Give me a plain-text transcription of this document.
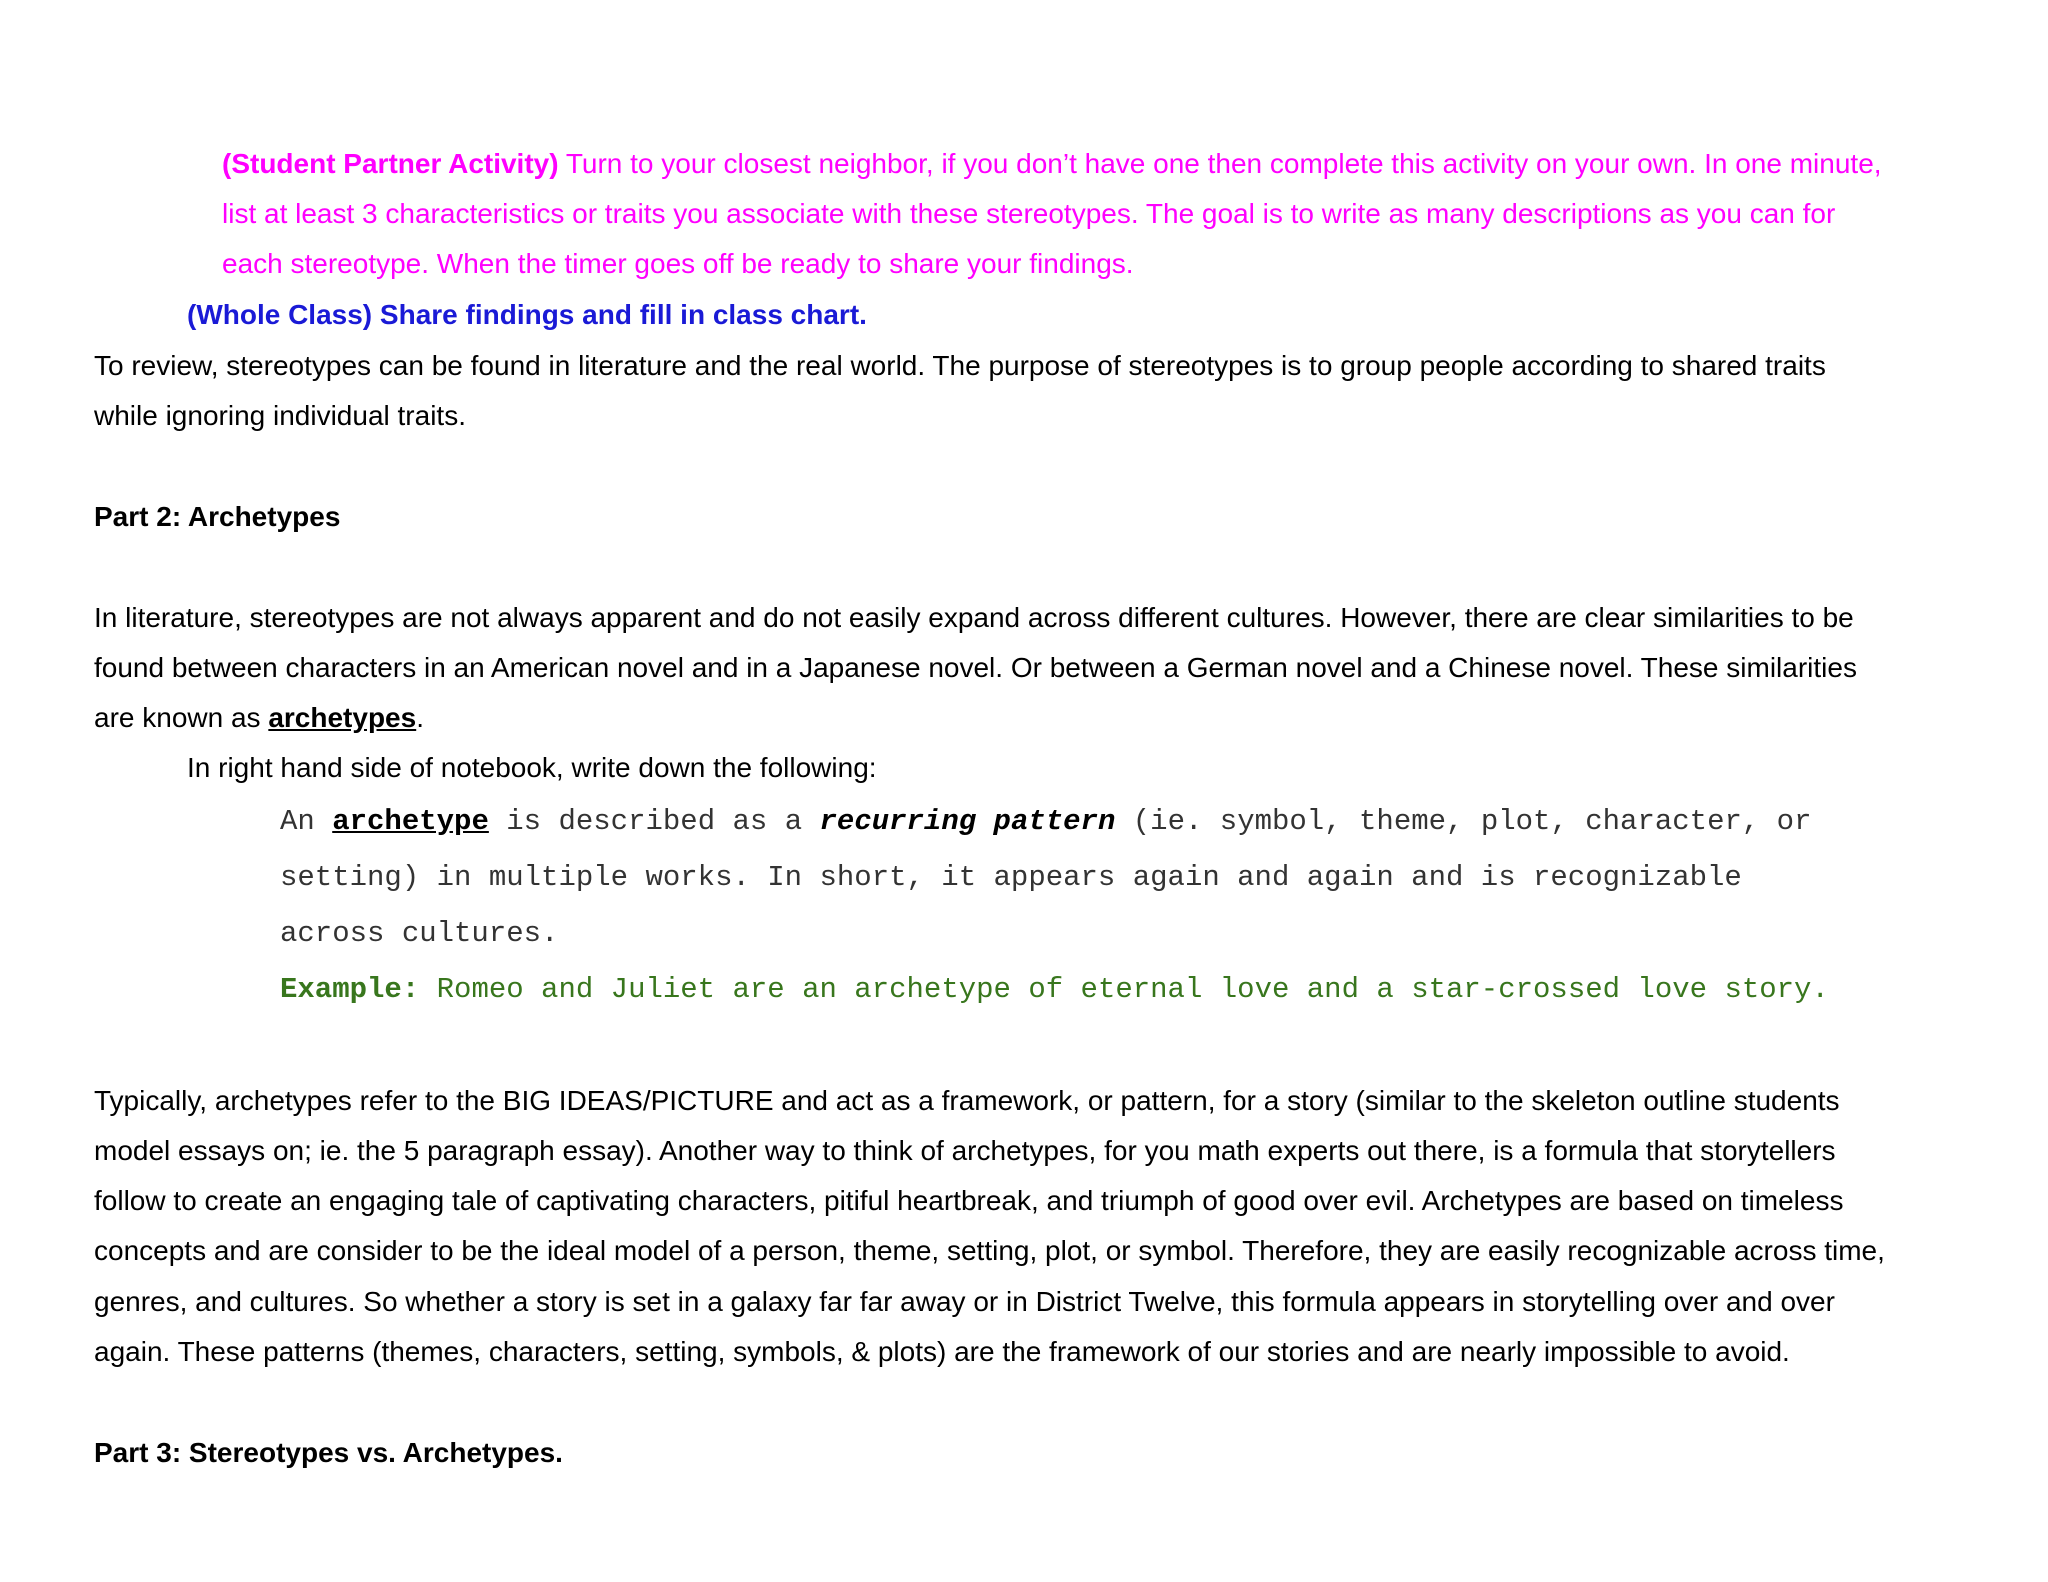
(Student Partner Activity) Turn to your closest neighbor, if you don’t have one then complete this activity on your own. In one minute,

list at least 3 characteristics or traits you associate with these stereotypes. The goal is to write as many descriptions as you can for

each stereotype. When the timer goes off be ready to share your findings.

(Whole Class) Share findings and fill in class chart.

To review, stereotypes can be found in literature and the real world. The purpose of stereotypes is to group people according to shared traits

while ignoring individual traits.

Part 2: Archetypes

In literature, stereotypes are not always apparent and do not easily expand across different cultures. However, there are clear similarities to be

found between characters in an American novel and in a Japanese novel. Or between a German novel and a Chinese novel. These similarities

are known as archetypes.

In right hand side of notebook, write down the following:

An archetype is described as a recurring pattern (ie. symbol, theme, plot, character, or

setting) in multiple works. In short, it appears again and again and is recognizable

across cultures.

Example: Romeo and Juliet are an archetype of eternal love and a star-crossed love story.

Typically, archetypes refer to the BIG IDEAS/PICTURE and act as a framework, or pattern, for a story (similar to the skeleton outline students

model essays on; ie. the 5 paragraph essay). Another way to think of archetypes, for you math experts out there, is a formula that storytellers

follow to create an engaging tale of captivating characters, pitiful heartbreak, and triumph of good over evil. Archetypes are based on timeless

concepts and are consider to be the ideal model of a person, theme, setting, plot, or symbol. Therefore, they are easily recognizable across time,

genres, and cultures. So whether a story is set in a galaxy far far away or in District Twelve, this formula appears in storytelling over and over

again. These patterns (themes, characters, setting, symbols, & plots) are the framework of our stories and are nearly impossible to avoid.

Part 3: Stereotypes vs. Archetypes.
